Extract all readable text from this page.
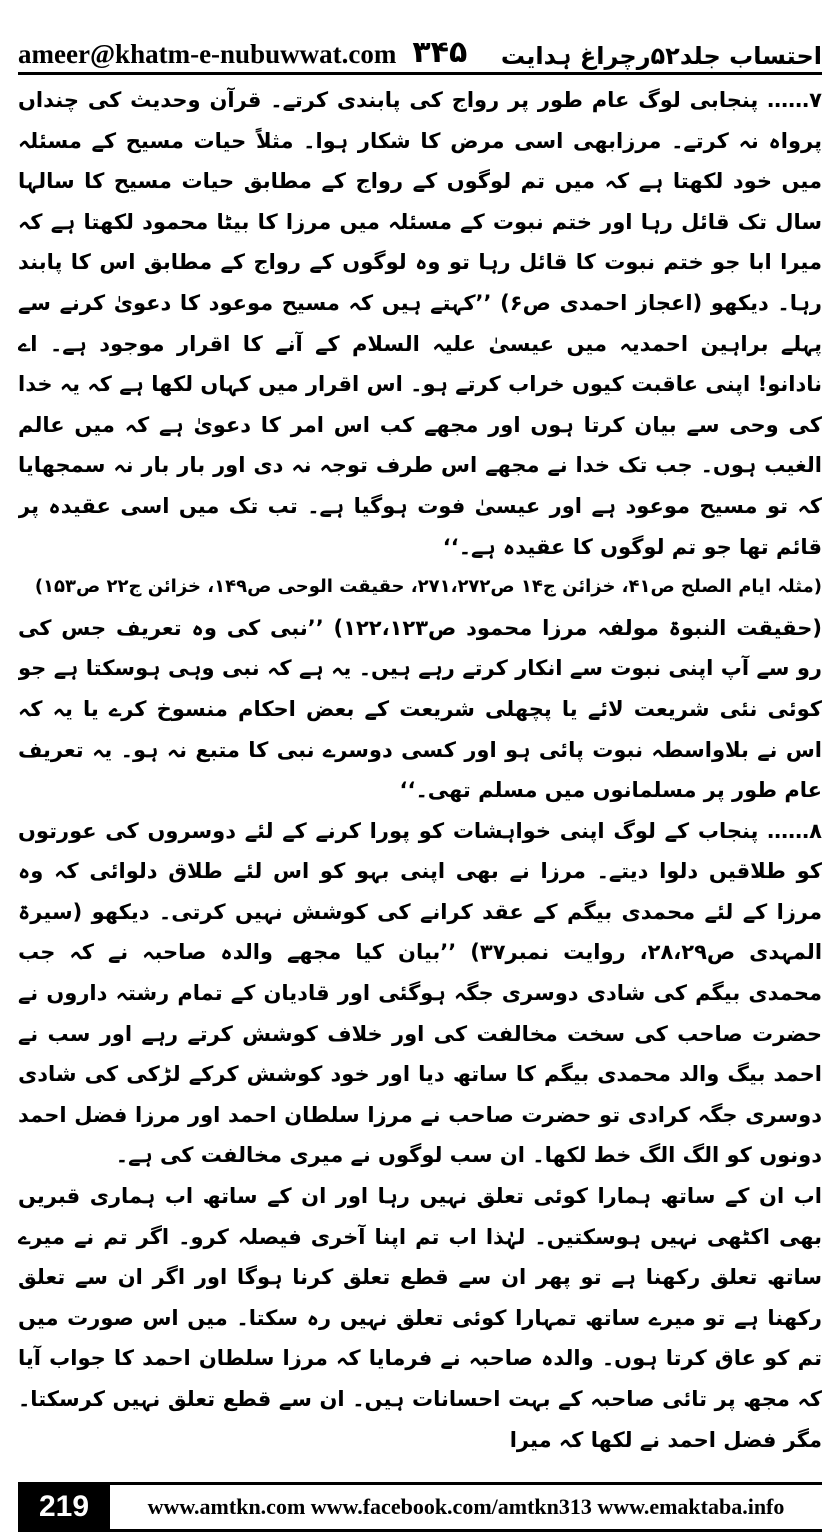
ameer@khatm-e-nubuwwat.com ۳۴۵ احتساب جلد۵۲رچراغ ہدایت

۷…… پنجابی لوگ عام طور پر رواج کی پابندی کرتے۔ قرآن وحدیث کی چنداں پرواہ نہ کرتے۔ مرزابھی اسی مرض کا شکار ہوا۔ مثلاً حیات مسیح کے مسئلہ میں خود لکھتا ہے کہ میں تم لوگوں کے رواج کے مطابق حیات مسیح کا سالہا سال تک قائل رہا اور ختم نبوت کے مسئلہ میں مرزا کا بیٹا محمود لکھتا ہے کہ میرا ابا جو ختم نبوت کا قائل رہا تو وہ لوگوں کے رواج کے مطابق اس کا پابند رہا۔ دیکھو (اعجاز احمدی ص۶) ’’کہتے ہیں کہ مسیح موعود کا دعویٰ کرنے سے پہلے براہین احمدیہ میں عیسیٰ علیہ السلام کے آنے کا اقرار موجود ہے۔ اے نادانو! اپنی عاقبت کیوں خراب کرتے ہو۔ اس اقرار میں کہاں لکھا ہے کہ یہ خدا کی وحی سے بیان کرتا ہوں اور مجھے کب اس امر کا دعویٰ ہے کہ میں عالم الغیب ہوں۔ جب تک خدا نے مجھے اس طرف توجہ نہ دی اور بار بار نہ سمجھایا کہ تو مسیح موعود ہے اور عیسیٰ فوت ہوگیا ہے۔ تب تک میں اسی عقیدہ پر قائم تھا جو تم لوگوں کا عقیدہ ہے۔‘‘

(مثلہ ایام الصلح ص۴۱، خزائن ج۱۴ ص۲۷۱،۲۷۲، حقیقت الوحی ص۱۴۹، خزائن ج۲۲ ص۱۵۳)

(حقیقت النبوۃ مولفہ مرزا محمود ص۱۲۲،۱۲۳) ’’نبی کی وہ تعریف جس کی رو سے آپ اپنی نبوت سے انکار کرتے رہے ہیں۔ یہ ہے کہ نبی وہی ہوسکتا ہے جو کوئی نئی شریعت لائے یا پچھلی شریعت کے بعض احکام منسوخ کرے یا یہ کہ اس نے بلاواسطہ نبوت پائی ہو اور کسی دوسرے نبی کا متبع نہ ہو۔ یہ تعریف عام طور پر مسلمانوں میں مسلم تھی۔‘‘

۸…… پنجاب کے لوگ اپنی خواہشات کو پورا کرنے کے لئے دوسروں کی عورتوں کو طلاقیں دلوا دیتے۔ مرزا نے بھی اپنی بہو کو اس لئے طلاق دلوائی کہ وہ مرزا کے لئے محمدی بیگم کے عقد کرانے کی کوشش نہیں کرتی۔ دیکھو (سیرۃ المہدی ص۲۸،۲۹، روایت نمبر۳۷) ’’بیان کیا مجھے والدہ صاحبہ نے کہ جب محمدی بیگم کی شادی دوسری جگہ ہوگئی اور قادیان کے تمام رشتہ داروں نے حضرت صاحب کی سخت مخالفت کی اور خلاف کوشش کرتے رہے اور سب نے احمد بیگ والد محمدی بیگم کا ساتھ دیا اور خود کوشش کرکے لڑکی کی شادی دوسری جگہ کرادی تو حضرت صاحب نے مرزا سلطان احمد اور مرزا فضل احمد دونوں کو الگ الگ خط لکھا۔ ان سب لوگوں نے میری مخالفت کی ہے۔

اب ان کے ساتھ ہمارا کوئی تعلق نہیں رہا اور ان کے ساتھ اب ہماری قبریں بھی اکٹھی نہیں ہوسکتیں۔ لہٰذا اب تم اپنا آخری فیصلہ کرو۔ اگر تم نے میرے ساتھ تعلق رکھنا ہے تو پھر ان سے قطع تعلق کرنا ہوگا اور اگر ان سے تعلق رکھنا ہے تو میرے ساتھ تمہارا کوئی تعلق نہیں رہ سکتا۔ میں اس صورت میں تم کو عاق کرتا ہوں۔ والدہ صاحبہ نے فرمایا کہ مرزا سلطان احمد کا جواب آیا کہ مجھ پر تائی صاحبہ کے بہت احسانات ہیں۔ ان سے قطع تعلق نہیں کرسکتا۔ مگر فضل احمد نے لکھا کہ میرا

219	www.amtkn.com www.facebook.com/amtkn313 www.emaktaba.info
